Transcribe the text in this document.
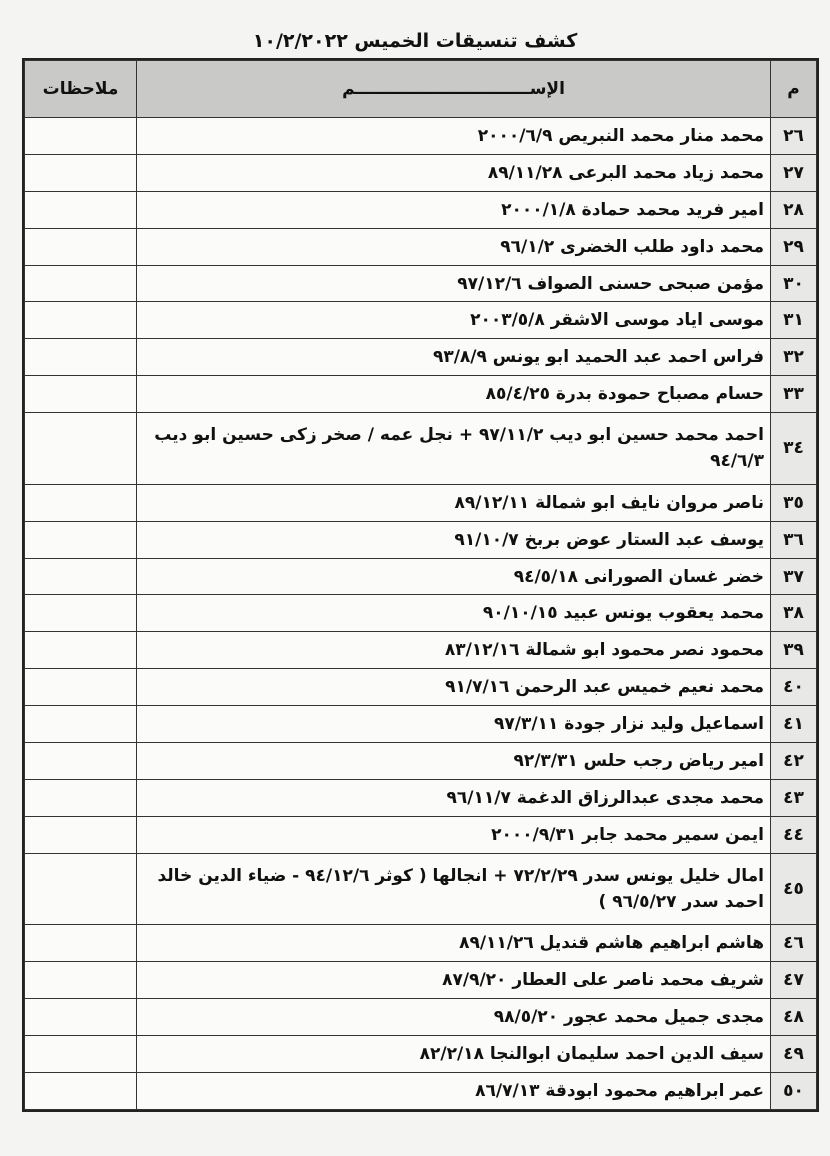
كشف تنسيقات الخميس ١٠/٢/٢٠٢٢
م	الإســــــــــــــــــــــــــــــم	ملاحظات
٢٦	محمد منار محمد النبريص ٢٠٠٠/٦/٩	
٢٧	محمد زياد محمد البرعى ٨٩/١١/٢٨	
٢٨	امير فريد محمد حمادة ٢٠٠٠/١/٨	
٢٩	محمد داود طلب الخضرى ٩٦/١/٢	
٣٠	مؤمن صبحى حسنى الصواف ٩٧/١٢/٦	
٣١	موسى اياد موسى الاشقر ٢٠٠٣/٥/٨	
٣٢	فراس احمد عبد الحميد ابو يونس ٩٣/٨/٩	
٣٣	حسام مصباح حمودة بدرة ٨٥/٤/٢٥	
٣٤	احمد محمد حسين ابو ديب ٩٧/١١/٢ + نجل عمه / صخر زكى حسين ابو ديب ٩٤/٦/٣	
٣٥	ناصر مروان نايف ابو شمالة ٨٩/١٢/١١	
٣٦	يوسف عبد الستار عوض بربخ ٩١/١٠/٧	
٣٧	خضر غسان الصورانى ٩٤/٥/١٨	
٣٨	محمد يعقوب يونس عبيد ٩٠/١٠/١٥	
٣٩	محمود نصر محمود ابو شمالة ٨٣/١٢/١٦	
٤٠	محمد نعيم خميس عبد الرحمن ٩١/٧/١٦	
٤١	اسماعيل وليد نزار جودة ٩٧/٣/١١	
٤٢	امير رياض رجب حلس ٩٢/٣/٣١	
٤٣	محمد مجدى عبدالرزاق الدغمة ٩٦/١١/٧	
٤٤	ايمن سمير محمد جابر ٢٠٠٠/٩/٣١	
٤٥	امال خليل يونس سدر ٧٢/٢/٢٩ + انجالها ( كوثر ٩٤/١٢/٦ - ضياء الدين خالد احمد سدر ٩٦/٥/٢٧ )	
٤٦	هاشم ابراهيم هاشم قنديل ٨٩/١١/٢٦	
٤٧	شريف محمد ناصر على العطار ٨٧/٩/٢٠	
٤٨	مجدى جميل محمد عجور ٩٨/٥/٢٠	
٤٩	سيف الدين احمد سليمان ابوالنجا ٨٢/٢/١٨	
٥٠	عمر ابراهيم محمود ابودقة ٨٦/٧/١٣	
